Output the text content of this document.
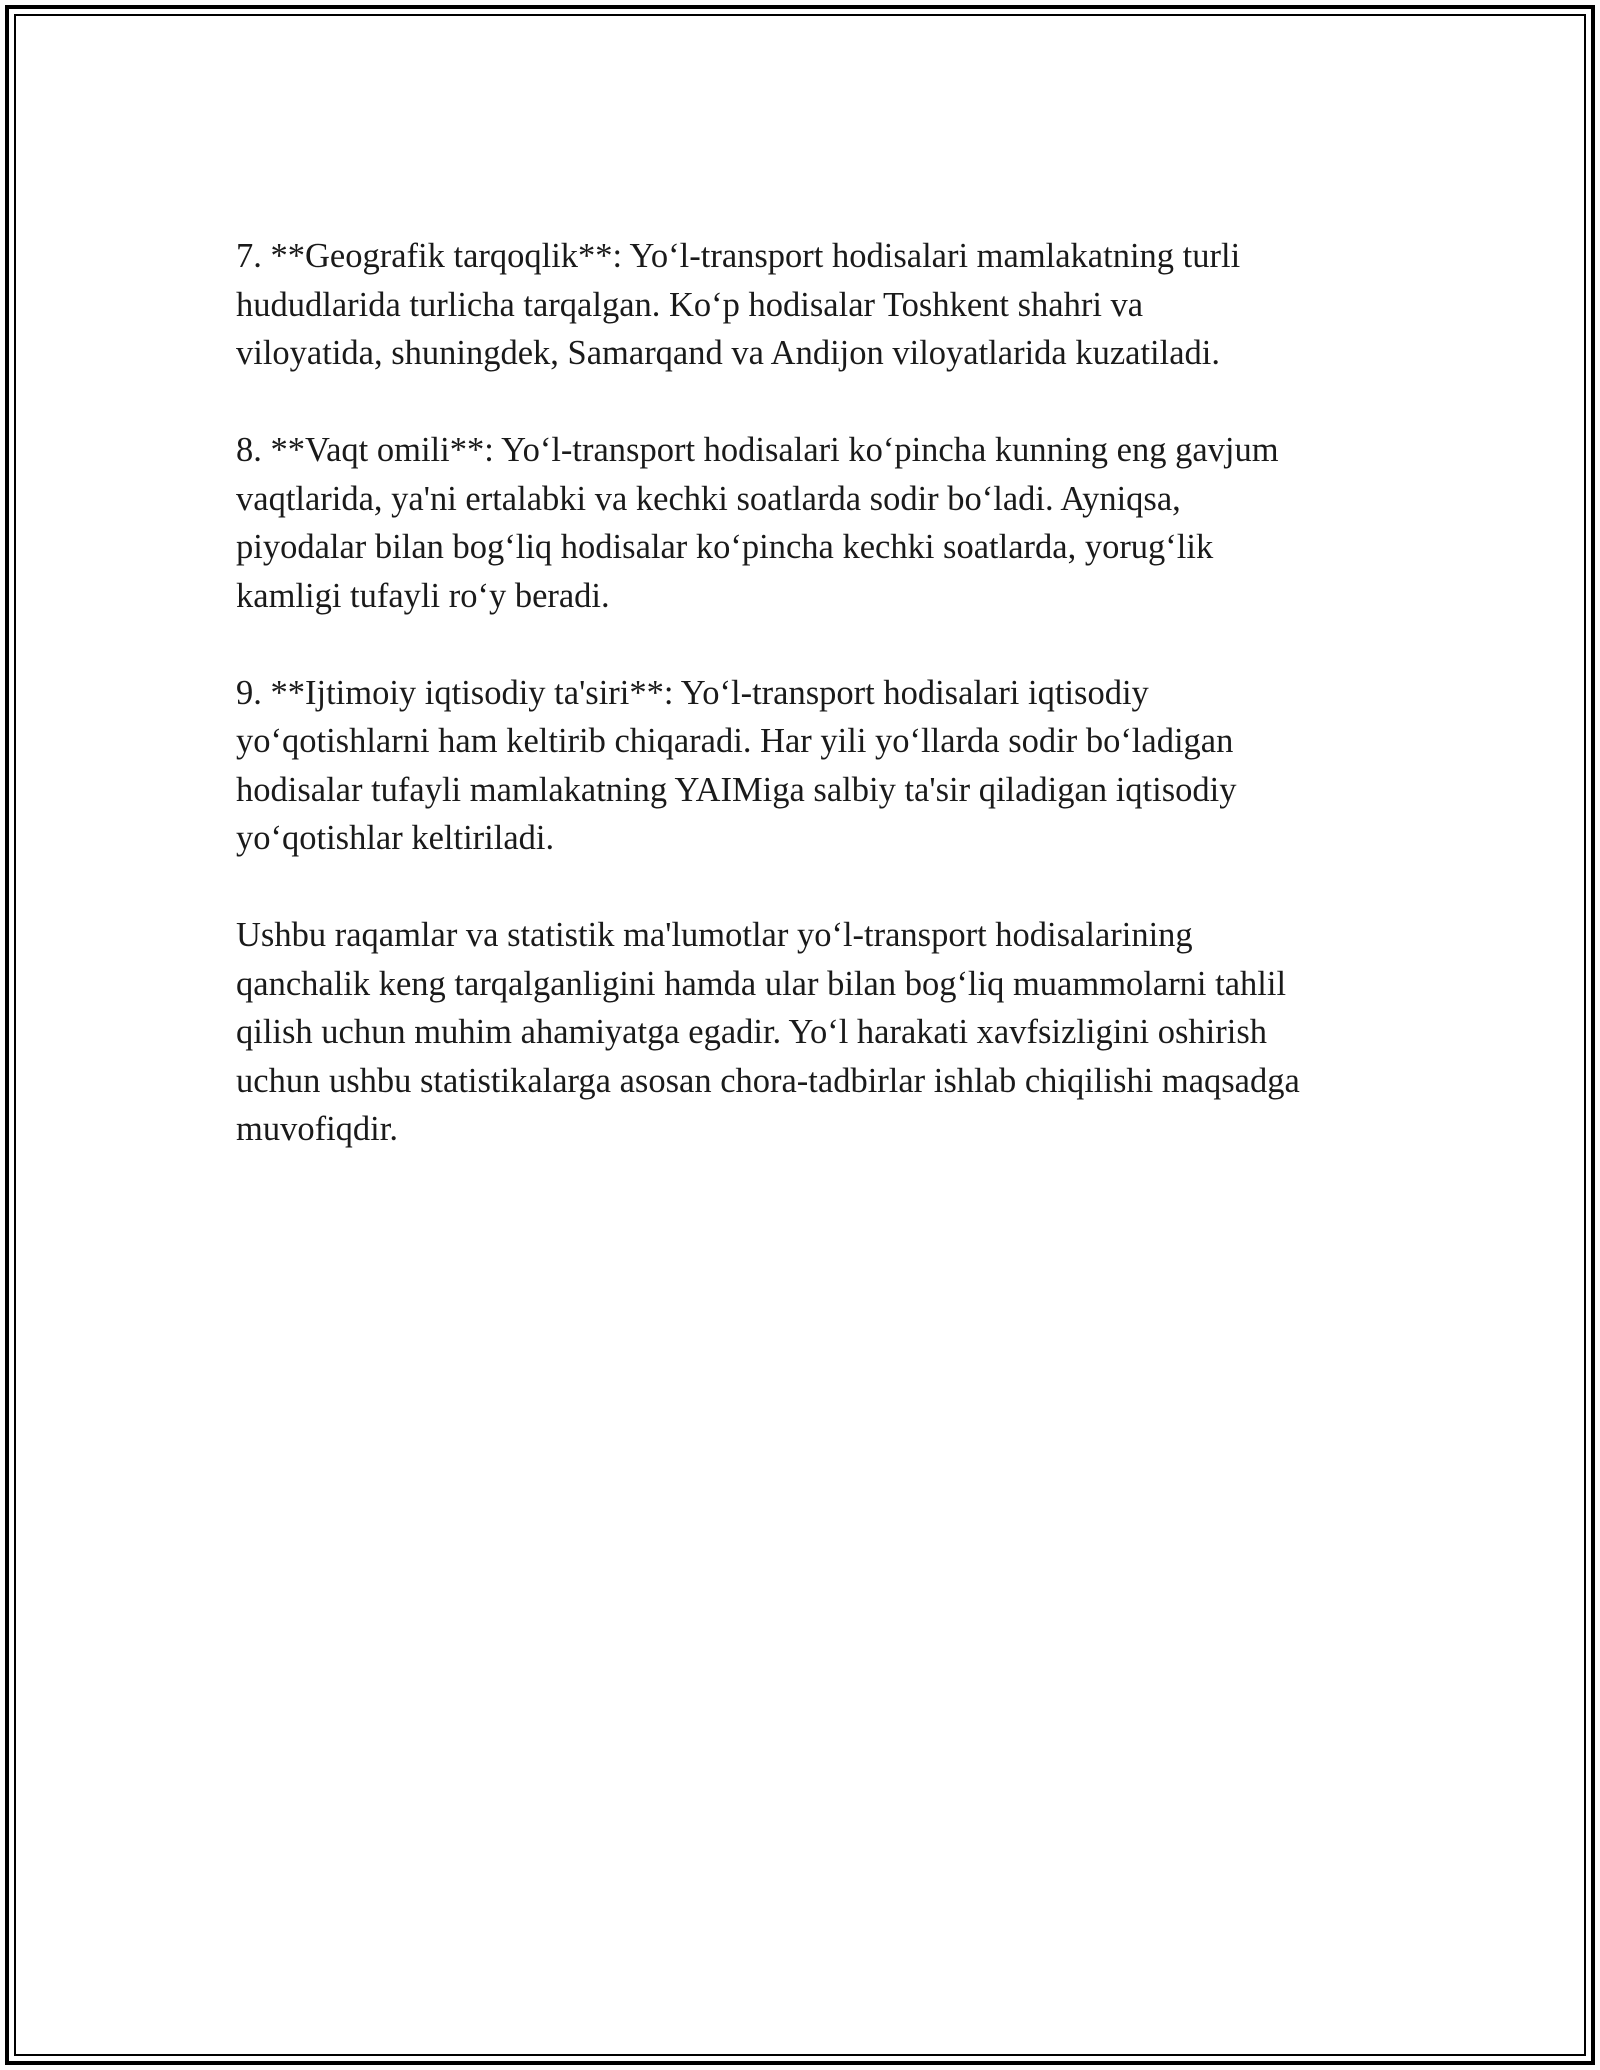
7. **Geografik tarqoqlik**: Yo‘l-transport hodisalari mamlakatning turli
hududlarida turlicha tarqalgan. Ko‘p hodisalar Toshkent shahri va
viloyatida, shuningdek, Samarqand va Andijon viloyatlarida kuzatiladi.

8. **Vaqt omili**: Yo‘l-transport hodisalari ko‘pincha kunning eng gavjum
vaqtlarida, ya'ni ertalabki va kechki soatlarda sodir bo‘ladi. Ayniqsa,
piyodalar bilan bog‘liq hodisalar ko‘pincha kechki soatlarda, yorug‘lik
kamligi tufayli ro‘y beradi.

9. **Ijtimoiy iqtisodiy ta'siri**: Yo‘l-transport hodisalari iqtisodiy
yo‘qotishlarni ham keltirib chiqaradi. Har yili yo‘llarda sodir bo‘ladigan
hodisalar tufayli mamlakatning YAIMiga salbiy ta'sir qiladigan iqtisodiy
yo‘qotishlar keltiriladi.

Ushbu raqamlar va statistik ma'lumotlar yo‘l-transport hodisalarining
qanchalik keng tarqalganligini hamda ular bilan bog‘liq muammolarni tahlil
qilish uchun muhim ahamiyatga egadir. Yo‘l harakati xavfsizligini oshirish
uchun ushbu statistikalarga asosan chora-tadbirlar ishlab chiqilishi maqsadga
muvofiqdir.
